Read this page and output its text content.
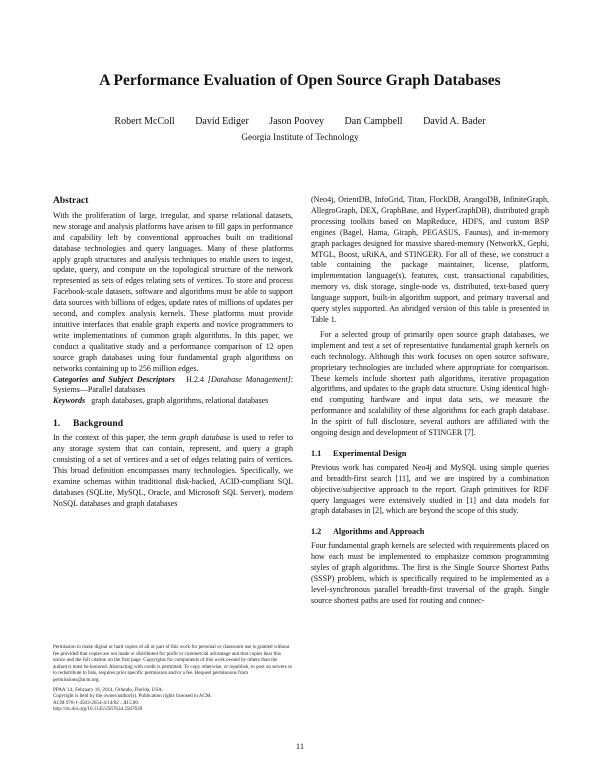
A Performance Evaluation of Open Source Graph Databases
Robert McColl David Ediger Jason Poovey Dan Campbell David A. Bader
Georgia Institute of Technology
Abstract

With the proliferation of large, irregular, and sparse relational datasets, new storage and analysis platforms have arisen to fill gaps in performance and capability left by conventional approaches built on traditional database technologies and query languages. Many of these platforms apply graph structures and analysis techniques to enable users to ingest, update, query, and compute on the topological structure of the network represented as sets of edges relating sets of vertices. To store and process Facebook-scale datasets, software and algorithms must be able to support data sources with billions of edges, update rates of millions of updates per second, and complex analysis kernels. These platforms must provide intuitive interfaces that enable graph experts and novice programmers to write implementations of common graph algorithms. In this paper, we conduct a qualitative study and a performance comparison of 12 open source graph databases using four fundamental graph algorithms on networks containing up to 256 million edges.

Categories and Subject Descriptors H.2.4 [Database Management]: Systems—Parallel databases

Keywords graph databases, graph algorithms, relational databases

1. Background

In the context of this paper, the term graph database is used to refer to any storage system that can contain, represent, and query a graph consisting of a set of vertices and a set of edges relating pairs of vertices. This broad definition encompasses many technologies. Specifically, we examine schemas within traditional disk-backed, ACID-compliant SQL databases (SQLite, MySQL, Oracle, and Microsoft SQL Server), modern NoSQL databases and graph databases

Permission to make digital or hard copies of all or part of this work for personal or classroom use is granted without fee provided that copies are not made or distributed for profit or commercial advantage and that copies bear this notice and the full citation on the first page. Copyrights for components of this work owned by others than the author(s) must be honored. Abstracting with credit is permitted. To copy otherwise, or republish, to post on servers or to redistribute to lists, requires prior specific permission and/or a fee. Request permissions from permissions@acm.org.

PPAA '14, February 16, 2014, Orlando, Florida, USA.

Copyright is held by the owner/author(s). Publication rights licensed to ACM.

ACM 978-1-4503-2654-4/14/02 ...$15.00.

http://dx.doi.org/10.1145/2567634.2567638

(Neo4j, OrientDB, InfoGrid, Titan, FlockDB, ArangoDB, InfiniteGraph, AllegroGraph, DEX, GraphBase, and HyperGraphDB), distributed graph processing toolkits based on MapReduce, HDFS, and custom BSP engines (Bagel, Hama, Giraph, PEGASUS, Faunus), and in-memory graph packages designed for massive shared-memory (NetworkX, Gephi, MTGL, Boost, uRiKA, and STINGER). For all of these, we construct a table containing the package maintainer, license, platform, implementation language(s), features, cost, transactional capabilities, memory vs. disk storage, single-node vs. distributed, text-based query language support, built-in algorithm support, and primary traversal and query styles supported. An abridged version of this table is presented in Table 1.

For a selected group of primarily open source graph databases, we implement and test a set of representative fundamental graph kernels on each technology. Although this work focuses on open source software, proprietary technologies are included where appropriate for comparison. These kernels include shortest path algorithms, iterative propagation algorithms, and updates to the graph data structure. Using identical high-end computing hardware and input data sets, we measure the performance and scalability of these algorithms for each graph database. In the spirit of full disclosure, several authors are affiliated with the ongoing design and development of STINGER [7].

1.1 Experimental Design

Previous work has compared Neo4j and MySQL using simple queries and breadth-first search [11], and we are inspired by a combination objective/subjective approach to the report. Graph primitives for RDF query languages were extensively studied in [1] and data models for graph databases in [2], which are beyond the scope of this study.

1.2 Algorithms and Approach

Four fundamental graph kernels are selected with requirements placed on how each must be implemented to emphasize common programming styles of graph algorithms. The first is the Single Source Shortest Paths (SSSP) problem, which is specifically required to be implemented as a level-synchronous parallel breadth-first traversal of the graph. Single source shortest paths are used for routing and connec-

11
